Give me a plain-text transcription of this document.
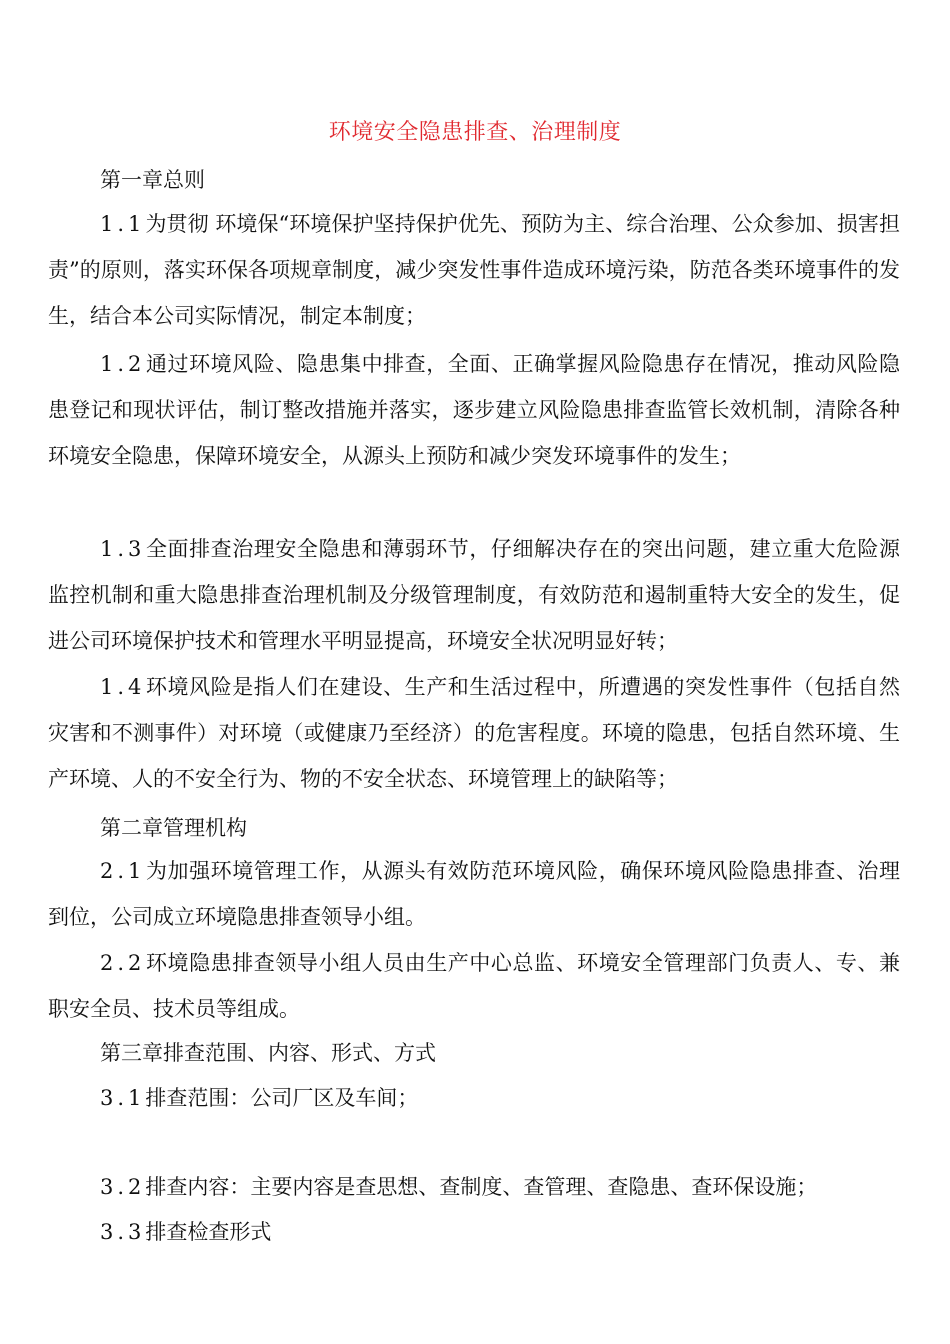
环境安全隐患排查、治理制度
第一章总则
1.1为贯彻 环境保“环境保护坚持保护优先、预防为主、综合治理、公众参加、损害担责”的原则，落实环保各项规章制度，减少突发性事件造成环境污染，防范各类环境事件的发生，结合本公司实际情况，制定本制度；
1.2通过环境风险、隐患集中排查，全面、正确掌握风险隐患存在情况，推动风险隐患登记和现状评估，制订整改措施并落实，逐步建立风险隐患排查监管长效机制，清除各种环境安全隐患，保障环境安全，从源头上预防和减少突发环境事件的发生；
1.3全面排查治理安全隐患和薄弱环节，仔细解决存在的突出问题，建立重大危险源监控机制和重大隐患排查治理机制及分级管理制度，有效防范和遏制重特大安全的发生，促进公司环境保护技术和管理水平明显提高，环境安全状况明显好转；
1.4环境风险是指人们在建设、生产和生活过程中，所遭遇的突发性事件（包括自然灾害和不测事件）对环境（或健康乃至经济）的危害程度。环境的隐患，包括自然环境、生产环境、人的不安全行为、物的不安全状态、环境管理上的缺陷等；
第二章管理机构
2.1为加强环境管理工作，从源头有效防范环境风险，确保环境风险隐患排查、治理到位，公司成立环境隐患排查领导小组。
2.2环境隐患排查领导小组人员由生产中心总监、环境安全管理部门负责人、专、兼职安全员、技术员等组成。
第三章排查范围、内容、形式、方式
3.1排查范围：公司厂区及车间；
3.2排查内容：主要内容是查思想、查制度、查管理、查隐患、查环保设施；
3.3排查检查形式
